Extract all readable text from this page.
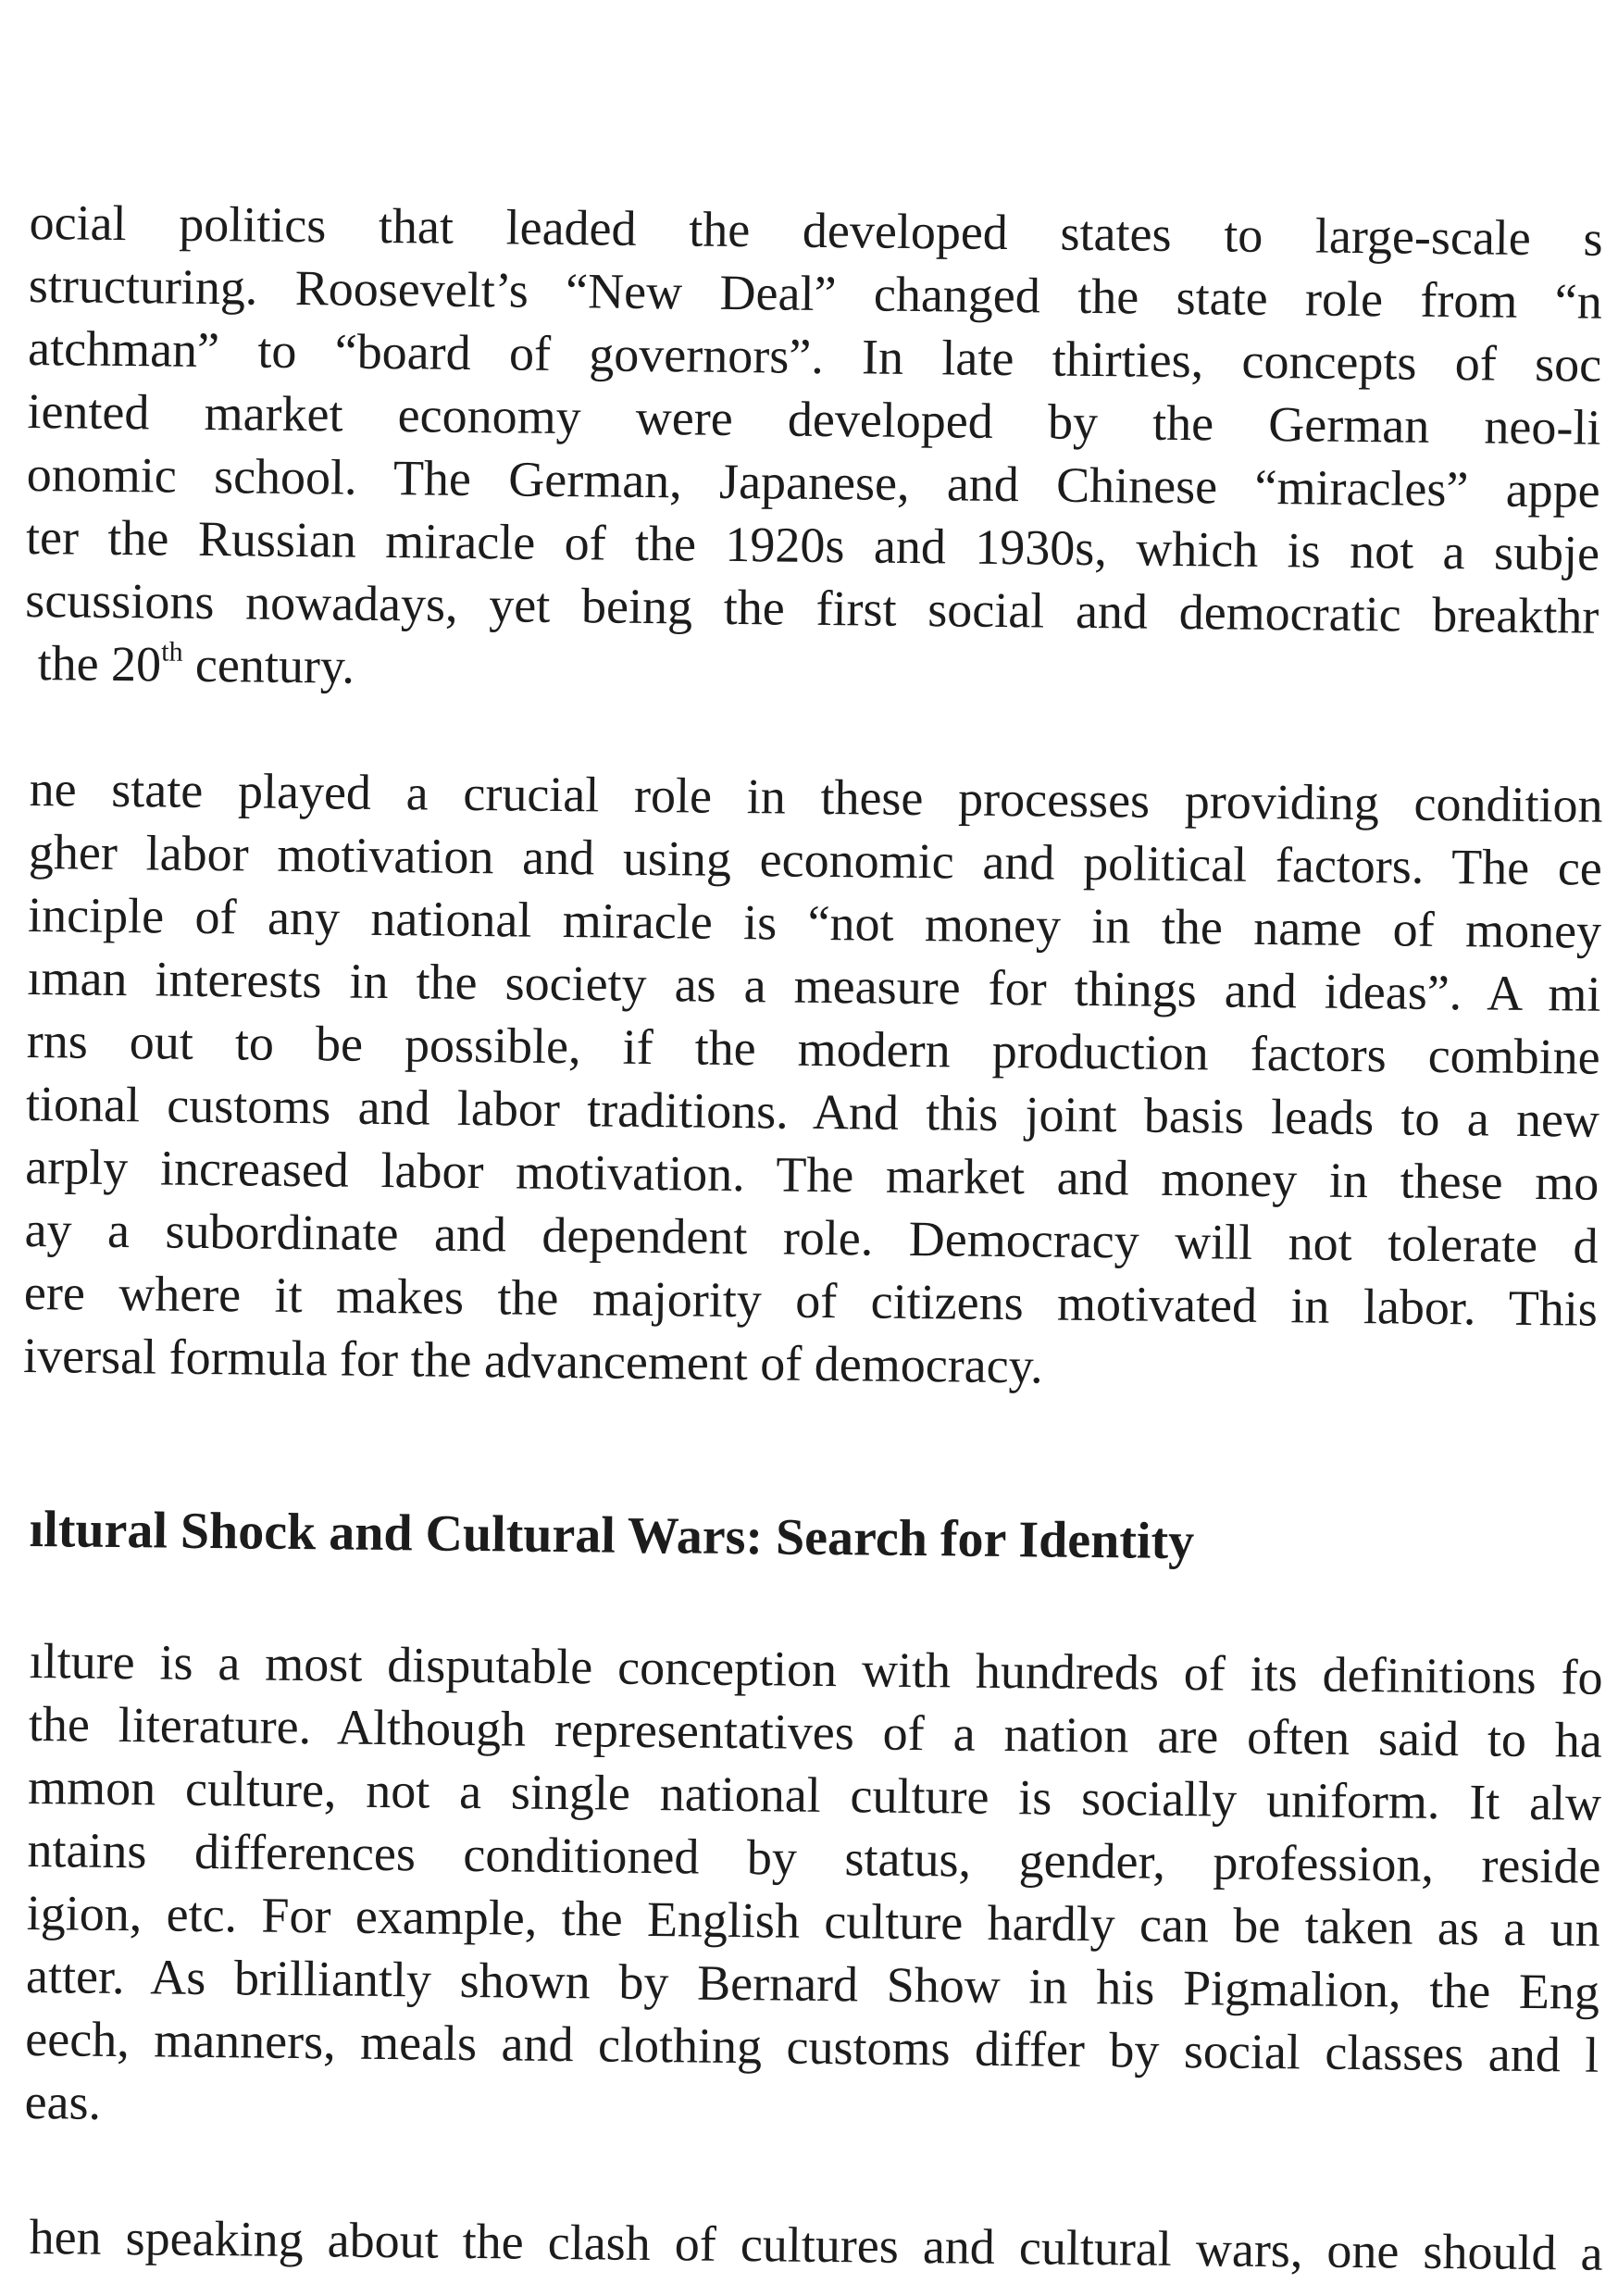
ocial politics that leaded the developed states to large-scale s
structuring. Roosevelt’s “New Deal” changed the state role from “n
atchman” to “board of governors”. In late thirties, concepts of soc
iented market economy were developed by the German neo-li
onomic school. The German, Japanese, and Chinese “miracles” appe
ter the Russian miracle of the 1920s and 1930s, which is not a subje
scussions nowadays, yet being the first social and democratic breakthr
the 20th century.
ne state played a crucial role in these processes providing condition
gher labor motivation and using economic and political factors. The ce
inciple of any national miracle is “not money in the name of money
ıman interests in the society as a measure for things and ideas”. A mi
rns out to be possible, if the modern production factors combine
tional customs and labor traditions. And this joint basis leads to a new
arply increased labor motivation. The market and money in these mo
ay a subordinate and dependent role. Democracy will not tolerate d
ere where it makes the majority of citizens motivated in labor. This
iversal formula for the advancement of democracy.
ıltural Shock and Cultural Wars: Search for Identity
ılture is a most disputable conception with hundreds of its definitions fo
the literature. Although representatives of a nation are often said to ha
mmon culture, not a single national culture is socially uniform. It alw
ntains differences conditioned by status, gender, profession, reside
igion, etc. For example, the English culture hardly can be taken as a un
atter. As brilliantly shown by Bernard Show in his Pigmalion, the Eng
eech, manners, meals and clothing customs differ by social classes and l
eas.
hen speaking about the clash of cultures and cultural wars, one should a
